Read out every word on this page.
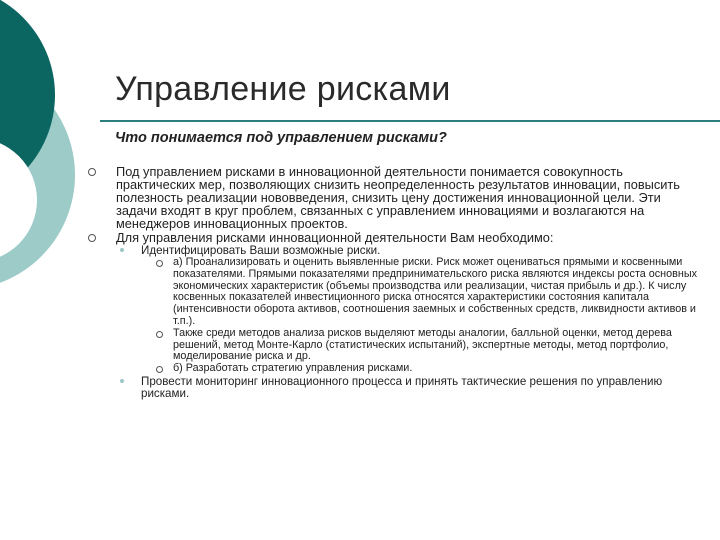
Управление рисками
Что понимается под управлением рисками?
Под управлением рисками в инновационной деятельности понимается совокупность практических мер, позволяющих снизить неопределенность результатов инновации, повысить полезность реализации нововведения, снизить цену достижения инновационной цели. Эти задачи входят в круг проблем, связанных с управлением инновациями и возлагаются на менеджеров инновационных проектов.
Для управления рисками инновационной деятельности Вам необходимо:
Идентифицировать Ваши возможные риски.
а) Проанализировать и оценить выявленные риски. Риск может оцениваться прямыми и косвенными показателями. Прямыми показателями предпринимательского риска являются индексы роста основных экономических характеристик (объемы производства или реализации, чистая прибыль и др.). К числу косвенных показателей инвестиционного риска относятся характеристики состояния капитала (интенсивности оборота активов, соотношения заемных и собственных средств, ликвидности активов и т.п.).
Также среди методов анализа рисков выделяют методы аналогии, балльной оценки, метод дерева решений, метод Монте-Карло (статистических испытаний), экспертные методы, метод портфолио, моделирование риска и др.
б) Разработать стратегию управления рисками.
Провести мониторинг инновационного процесса и принять тактические решения по управлению рисками.
